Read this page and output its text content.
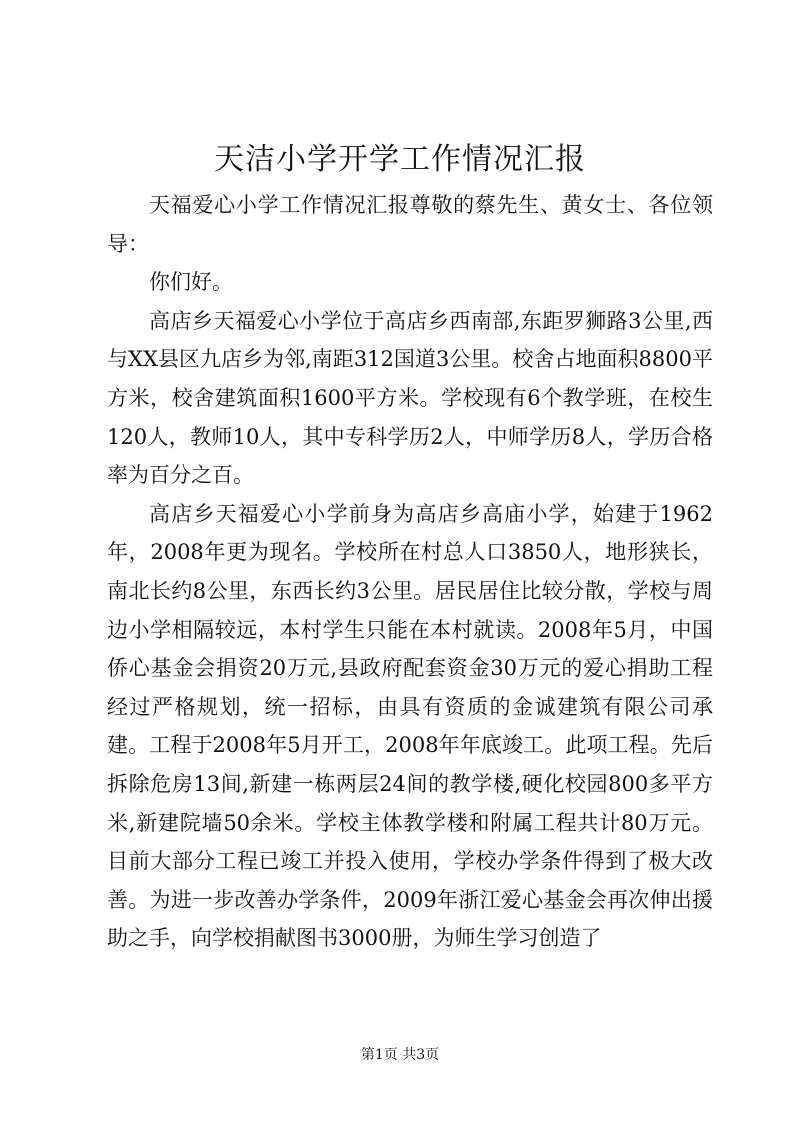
天洁小学开学工作情况汇报

天福爱心小学工作情况汇报尊敬的蔡先生、黄女士、各位领导：

你们好。

高店乡天福爱心小学位于高店乡西南部,东距罗狮路3公里,西与XX县区九店乡为邻,南距312国道3公里。校舍占地面积8800平方米，校舍建筑面积1600平方米。学校现有6个教学班，在校生120人，教师10人，其中专科学历2人，中师学历8人，学历合格率为百分之百。

高店乡天福爱心小学前身为高店乡高庙小学，始建于1962年，2008年更为现名。学校所在村总人口3850人，地形狭长，南北长约8公里，东西长约3公里。居民居住比较分散，学校与周边小学相隔较远，本村学生只能在本村就读。2008年5月，中国侨心基金会捐资20万元,县政府配套资金30万元的爱心捐助工程经过严格规划，统一招标，由具有资质的金诚建筑有限公司承建。工程于2008年5月开工，2008年年底竣工。此项工程。先后拆除危房13间,新建一栋两层24间的教学楼,硬化校园800多平方米,新建院墙50余米。学校主体教学楼和附属工程共计80万元。目前大部分工程已竣工并投入使用，学校办学条件得到了极大改善。为进一步改善办学条件，2009年浙江爱心基金会再次伸出援助之手，向学校捐献图书3000册，为师生学习创造了

第1页 共3页
